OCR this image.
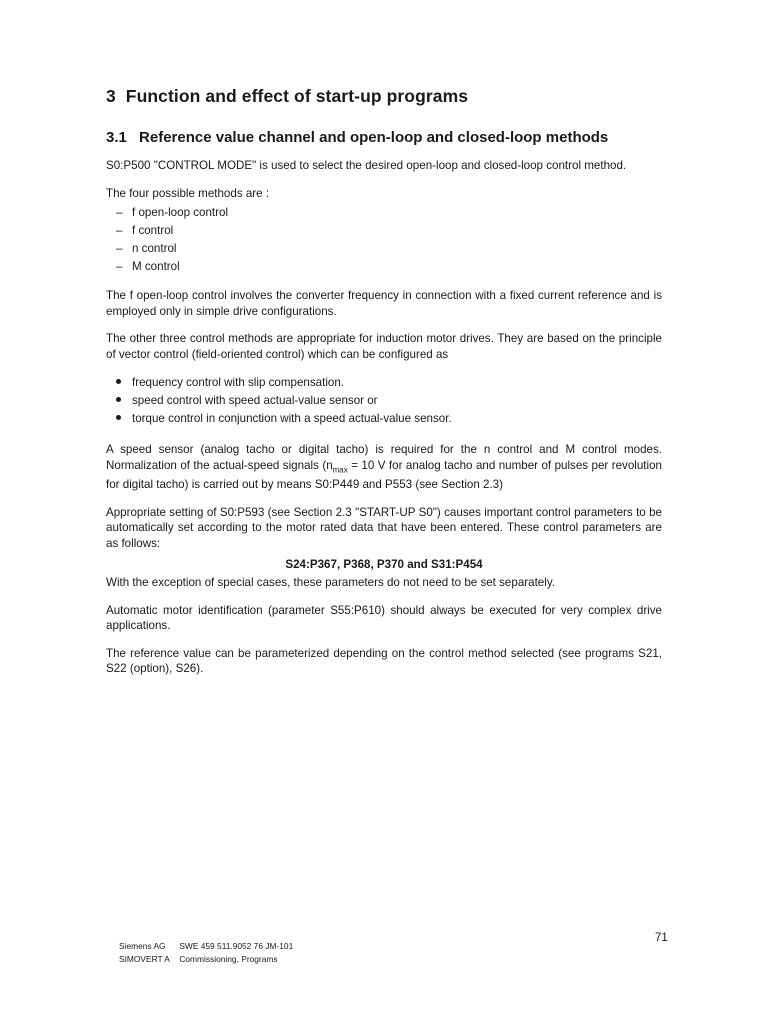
3 Function and effect of start-up programs
3.1 Reference value channel and open-loop and closed-loop methods

S0:P500 "CONTROL MODE" is used to select the desired open-loop and closed-loop control method.

The four possible methods are :

– f open-loop control
– f control
– n control
– M control

The f open-loop control involves the converter frequency in connection with a fixed current reference and is employed only in simple drive configurations.

The other three control methods are appropriate for induction motor drives. They are based on the principle of vector control (field-oriented control) which can be configured as

frequency control with slip compensation.
speed control with speed actual-value sensor or
torque control in conjunction with a speed actual-value sensor.

A speed sensor (analog tacho or digital tacho) is required for the n control and M control modes. Normalization of the actual-speed signals ($n_{max} = 10$ V for analog tacho and number of pulses per revolution for digital tacho) is carried out by means S0:P449 and P553 (see Section 2.3)

Appropriate setting of S0:P593 (see Section 2.3 "START-UP S0") causes important control parameters to be automatically set according to the motor rated data that have been entered. These control parameters are as follows:

S24:P367, P368, P370 and S31:P454

With the exception of special cases, these parameters do not need to be set separately.

Automatic motor identification (parameter S55:P610) should always be executed for very complex drive applications.

The reference value can be parameterized depending on the control method selected (see programs S21, S22 (option), S26).

71
Siemens AG SWE 459 511.9052 76 JM-101
SIMOVERT A Commissioning, Programs
